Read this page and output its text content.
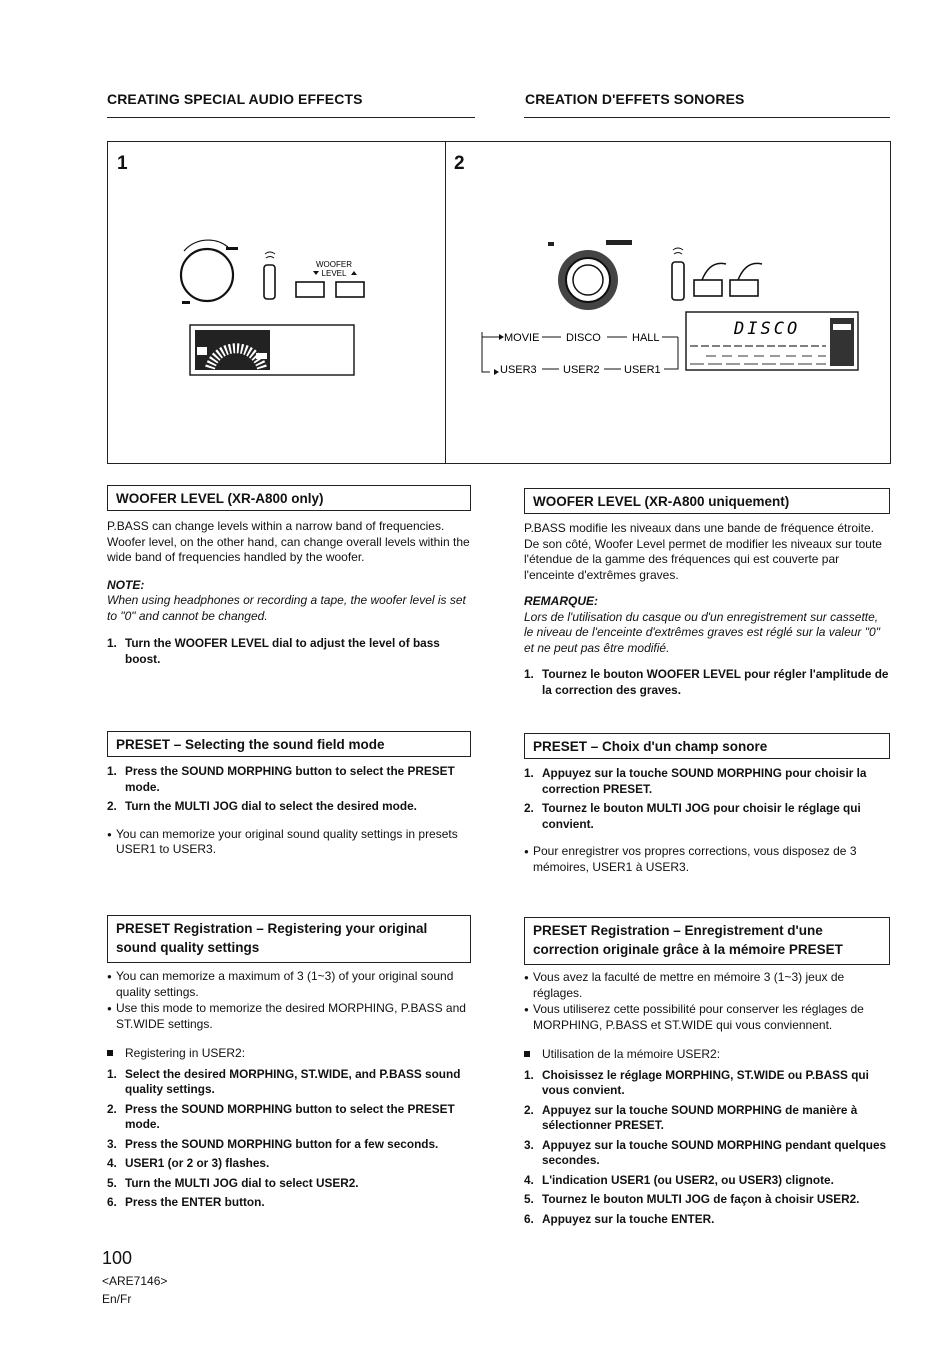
CREATING SPECIAL AUDIO EFFECTS	CREATION D'EFFETS SONORES
1	2
WOOFER
LEVEL
MOVIE DISCO	HALL
USER3 USER2 USER1
DISCO
WOOFER LEVEL (XR-A800 only)

P.BASS can change levels within a narrow band of frequencies. Woofer level, on the other hand, can change overall levels within the wide band of frequencies handled by the woofer.

NOTE:

When using headphones or recording a tape, the woofer level is set to "0" and cannot be changed.

1. Turn the WOOFER LEVEL dial to adjust the level of bass boost.
WOOFER LEVEL (XR-A800 uniquement)

P.BASS modifie les niveaux dans une bande de fréquence étroite. De son côté, Woofer Level permet de modifier les niveaux sur toute l'étendue de la gamme des fréquences qui est couverte par l'enceinte d'extrêmes graves.

REMARQUE:

Lors de l'utilisation du casque ou d'un enregistrement sur cassette, le niveau de l'enceinte d'extrêmes graves est réglé sur la valeur "0" et ne peut pas être modifié.

1. Tournez le bouton WOOFER LEVEL pour régler l'amplitude de la correction des graves.
PRESET – Selecting the sound field mode
1. Press the SOUND MORPHING button to select the PRESET mode.
2. Turn the MULTI JOG dial to select the desired mode.
● You can memorize your original sound quality settings in presets USER1 to USER3.
PRESET – Choix d'un champ sonore
1. Appuyez sur la touche SOUND MORPHING pour choisir la correction PRESET.
2. Tournez le bouton MULTI JOG pour choisir le réglage qui convient.
● Pour enregistrer vos propres corrections, vous disposez de 3 mémoires, USER1 à USER3.
PRESET Registration – Registering your original sound quality settings
● You can memorize a maximum of 3 (1~3) of your original sound quality settings.
● Use this mode to memorize the desired MORPHING, P.BASS and ST.WIDE settings.
Registering in USER2:
1. Select the desired MORPHING, ST.WIDE, and P.BASS sound quality settings.
2. Press the SOUND MORPHING button to select the PRESET mode.
3. Press the SOUND MORPHING button for a few seconds.
4. USER1 (or 2 or 3) flashes.
5. Turn the MULTI JOG dial to select USER2.
6. Press the ENTER button.
PRESET Registration – Enregistrement d'une correction originale grâce à la mémoire PRESET
● Vous avez la faculté de mettre en mémoire 3 (1~3) jeux de réglages.
● Vous utiliserez cette possibilité pour conserver les réglages de MORPHING, P.BASS et ST.WIDE qui vous conviennent.
Utilisation de la mémoire USER2:
1. Choisissez le réglage MORPHING, ST.WIDE ou P.BASS qui vous convient.
2. Appuyez sur la touche SOUND MORPHING de manière à sélectionner PRESET.
3. Appuyez sur la touche SOUND MORPHING pendant quelques secondes.
4. L'indication USER1 (ou USER2, ou USER3) clignote.
5. Tournez le bouton MULTI JOG de façon à choisir USER2.
6. Appuyez sur la touche ENTER.
100
<ARE7146>
En/Fr
